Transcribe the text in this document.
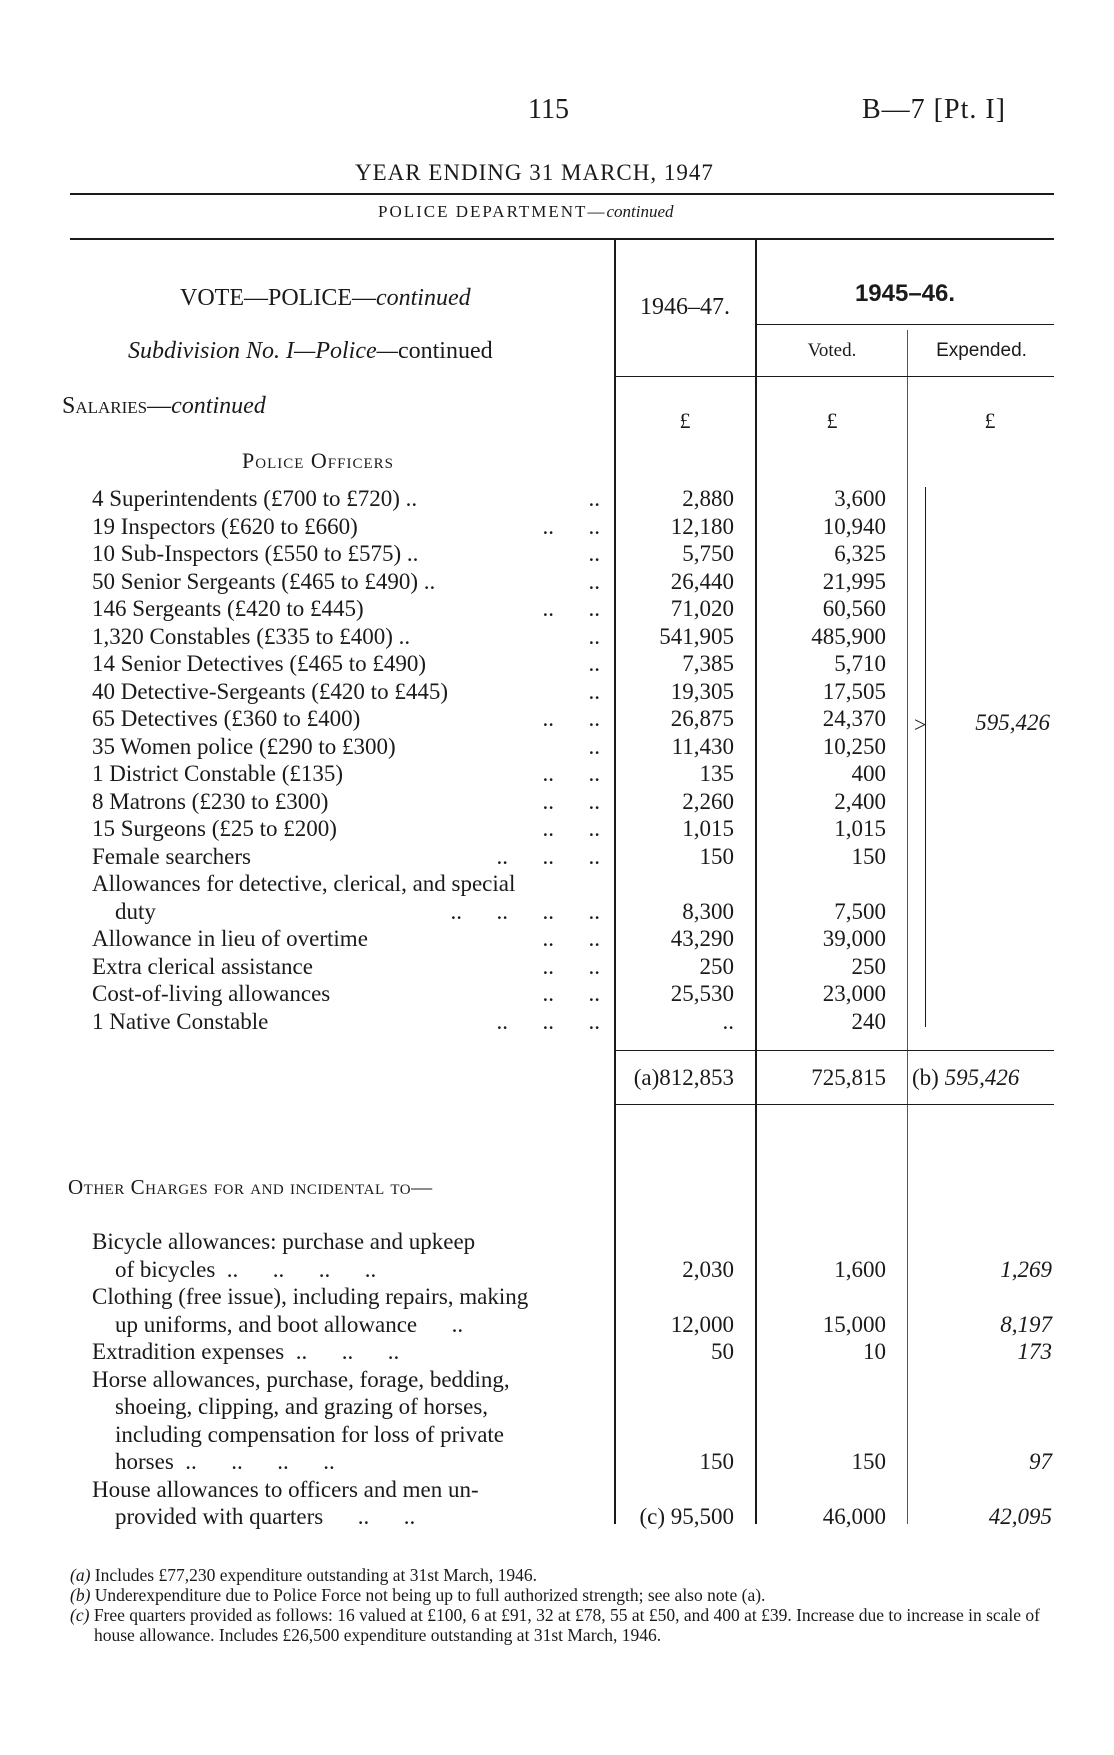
115	B—7 [Pt. I]
YEAR ENDING 31 MARCH, 1947
POLICE DEPARTMENT—continued
VOTE—POLICE—continued	1946–47.	1945–46.
Subdivision No. I—Police—continued	Voted.	Expended.
Salaries—continued
£	£	£
Police Officers
4 Superintendents (£700 to £720) ..	..	2,880	3,600
19 Inspectors (£620 to £660)	..      ..	12,180	10,940
10 Sub-Inspectors (£550 to £575) ..	..	5,750	6,325
50 Senior Sergeants (£465 to £490) ..	..	26,440	21,995
146 Sergeants (£420 to £445)	..      ..	71,020	60,560
1,320 Constables (£335 to £400) ..	..	541,905	485,900
14 Senior Detectives (£465 to £490)	..	7,385	5,710
40 Detective-Sergeants (£420 to £445)	..	19,305	17,505
65 Detectives (£360 to £400)	..      ..	26,875	24,370
35 Women police (£290 to £300)	..	11,430	10,250
1 District Constable (£135)	..      ..	135	400
8 Matrons (£230 to £300)	..      ..	2,260	2,400
15 Surgeons (£25 to £200)	..      ..	1,015	1,015
Female searchers	..      ..      ..	150	150
Allowances for detective, clerical, and special
duty	..      ..      ..      ..	8,300	7,500
Allowance in lieu of overtime	..      ..	43,290	39,000
Extra clerical assistance	..      ..	250	250
Cost-of-living allowances	..      ..	25,530	23,000
1 Native Constable	..      ..      ..	..	240
>	595,426
(a)812,853	725,815 (b) 595,426
Other Charges for and incidental to—
Bicycle allowances: purchase and upkeep
of bicycles  ..      ..      ..      ..	2,030	1,600	1,269
Clothing (free issue), including repairs, making
up uniforms, and boot allowance      ..	12,000	15,000	8,197
Extradition expenses  ..      ..      ..	50	10	173
Horse allowances, purchase, forage, bedding,
shoeing, clipping, and grazing of horses,
including compensation for loss of private
horses  ..      ..      ..      ..	150	150	97
House allowances to officers and men un-
provided with quarters      ..      ..	(c) 95,500	46,000	42,095
(a) Includes £77,230 expenditure outstanding at 31st March, 1946.
(b) Underexpenditure due to Police Force not being up to full authorized strength; see also note (a).
(c) Free quarters provided as follows: 16 valued at £100, 6 at £91, 32 at £78, 55 at £50, and 400 at £39. Increase due to increase in scale of house allowance. Includes £26,500 expenditure outstanding at 31st March, 1946.
